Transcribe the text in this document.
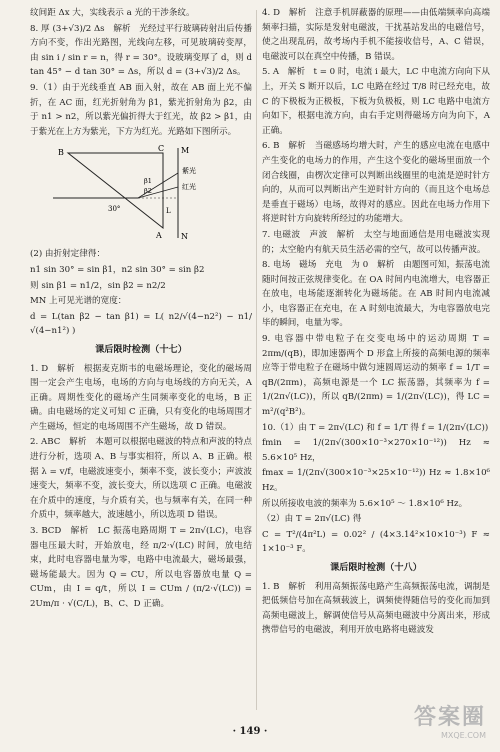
纹间距 Δx 大，实线表示 a 光的干涉条纹。

8. 厚 (3+√3)/2 Δs　解析　光经过平行玻璃砖射出后传播方向不变，作出光路图，光线向左移，可见玻璃砖变厚，由 sin i / sin r = n，得 r = 30°。设玻璃变厚了 d，则 d tan 45° − d tan 30° = Δs，所以 d = (3+√3)/2 Δs。

9.（1）由于光线垂直 AB 面入射，故在 AB 面上光不偏折，在 AC 面，红光折射角为 β1，紫光折射角为 β2，由于 n1 > n2，所以紫光偏折得大于红光，故 β2 > β1，由于紫光在上方为紫光，下方为红光。光路如下图所示。

B	C
A
M
N
L
紫光
红光
30°
β1
β2

(2) 由折射定律得：

n1 sin 30° = sin β1，n2 sin 30° = sin β2

则 sin β1 = n1/2，sin β2 = n2/2

MN 上可见光谱的宽度：

d = L(tan β2 − tan β1) = L( n2/√(4−n2²) − n1/√(4−n1²) )

课后限时检测（十七）

1. D　解析　根据麦克斯韦的电磁场理论，变化的磁场周围一定会产生电场，电场的方向与电场线的方向无关，A 正确。周期性变化的磁场产生同频率变化的电场，B 正确。由电磁场的定义可知 C 正确，只有变化的电场周围才产生磁场，恒定的电场周围不产生磁场，故 D 错误。

2. ABC　解析　本题可以根据电磁波的特点和声波的特点进行分析，选项 A、B 与事实相符，所以 A、B 正确。根据 λ = v/f，电磁波速变小，频率不变，波长变小；声波波速变大，频率不变，波长变大，所以选项 C 正确。电磁波在介质中的速度，与介质有关，也与频率有关，在同一种介质中，频率越大，波速越小，所以选项 D 错误。

3. BCD　解析　LC 振荡电路周期 T = 2π√(LC)，电容器电压最大时，开始放电，经 π/2·√(LC) 时间，放电结束，此时电容器电量为零，电路中电流最大，磁场最强，磁场能最大。因为 Q = CU，所以电容器放电量 Q = CUm，由 I = q/t，所以 I = CUm / (π/2·√(LC)) = 2Um/π · √(C/L)，B、C、D 正确。

4. D　解析　注意手机屏蔽器的原理——由低端频率向高端频率扫描，实际是发射电磁波，干扰基站发出的电磁信号，使之出现乱码，故考场内手机不能接收信号，A、C 错误，电磁波可以在真空中传播，B 错误。

5. A　解析　t = 0 时，电流 i 最大，LC 中电流方向向下从上，开关 S 断开以后，LC 电路在经过 T/8 时已经充电，故 C 的下极板为正极板，下板为负极板，则 LC 电路中电流方向如下，根据电流方向，由右手定则得磁场方向为向下，A 正确。

6. B　解析　当磁感场均增大时，产生的感应电流在电感中产生变化的电场力的作用，产生这个变化的磁场里面放一个闭合线圈，由楞次定律可以判断出线圈里的电流是逆时针方向的，从而可以判断出产生逆时针方向的（而且这个电场总是垂直于磁场）电场，故得对的感应。因此在电场力作用下将逆时针方向旋转所经过的功能增大。

7. 电磁波　声波　解析　太空与地面通信是用电磁波实现的；太空舱内有航天员生活必需的空气，故可以传播声波。

8. 电场　磁场　充电　为 0　解析　由题图可知，振荡电流随时间按正弦规律变化。在 OA 时间内电流增大，电容器正在放电，电场能逐渐转化为磁场能。在 AB 时间内电流减小，电容器正在充电，在 A 时刻电流最大，为电容器放电完毕的瞬间，电量为零。

9. 电容器中带电粒子在交变电场中的运动周期 T = 2πm/(qB)，即加速器两个 D 形盒上所接的高频电源的频率应等于带电粒子在磁场中做匀速圆周运动的频率 f = 1/T = qB/(2πm)，高频电源是一个 LC 振荡器，其频率为 f = 1/(2π√(LC))，所以 qB/(2πm) = 1/(2π√(LC))，得 LC = m²/(q²B²)。

10.（1）由 T = 2π√(LC) 和 f = 1/T 得 f = 1/(2π√(LC))

fmin = 1/(2π√(300×10⁻³×270×10⁻¹²)) Hz ≈ 5.6×10⁵ Hz，

fmax = 1/(2π√(300×10⁻³×25×10⁻¹²)) Hz ≈ 1.8×10⁶ Hz。

所以所接收电波的频率为 5.6×10⁵ ～ 1.8×10⁶ Hz。

（2）由 T = 2π√(LC) 得

C = T²/(4π²L) = 0.02² / (4×3.14²×10×10⁻³) F ≈ 1×10⁻³ F。

课后限时检测（十八）

1. B　解析　利用高频振荡电路产生高频振荡电流，调制是把低频信号加在高频载波上，调频使得随信号的变化而加到高频电磁波上，解调使信号从高频电磁波中分离出来，形成携带信号的电磁波，利用开放电路将电磁波发

· 149 ·
答案圈
MXQE.COM
